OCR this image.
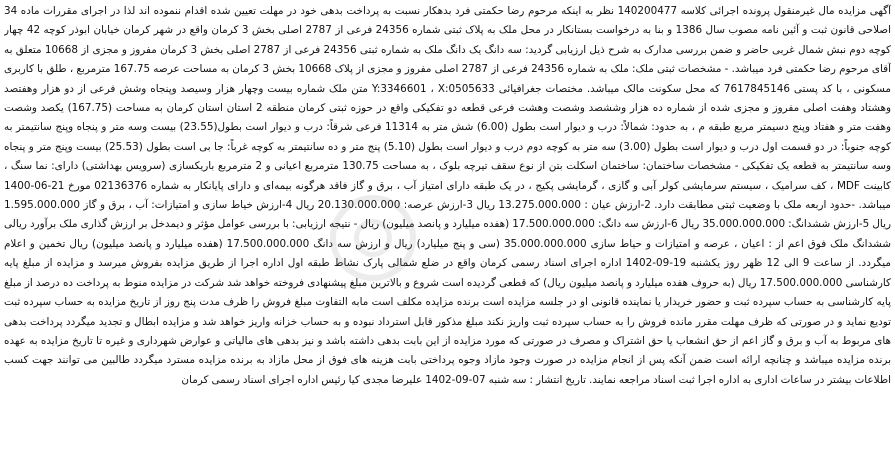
آگهی مزایده مال غیرمنقول پرونده اجرائی کلاسه 140200477 نظر به اینکه مرحوم رضا حکمتی فرد بدهکار نسبت به پرداخت بدهی خود در مهلت تعیین شده اقدام ننموده اند لذا در اجرای مقررات ماده 34 اصلاحی قانون ثبت و آئین نامه مصوب سال 1386 و بنا به درخواست بستانکار در محل ملک به پلاک ثبتی شماره 24356 فرعی از 2787 اصلی بخش 3 کرمان واقع در شهر کرمان خیابان ابوذر کوچه 42 چهار کوچه دوم نبش شمال غربی حاضر و ضمن بررسی مدارک به شرح ذیل ارزیابی گردید: سه دانگ یک دانگ ملک به شماره ثبتی 24356 فرعی از 2787 اصلی بخش 3 کرمان مفروز و مجزی از 10668 متعلق به آقای مرحوم رضا حکمتی فرد میباشد. - مشخصات ثبتی ملک: ملک به شماره 24356 فرعی از 2787 اصلی مفروز و مجزی از پلاک 10668 بخش 3 کرمان به مساحت عرصه 167.75 مترمربع ، طلق با کاربری مسکونی ، با کد پستی 7617845146 که محل سکونت مالک میباشد. مختصات جغرافیائی Y:3346601 ، X:0505633 متن ملک شماره بیست وچهار هزار وسیصد وپنجاه وشش فرعی از دو هزار وهفتصد وهشتاد وهفت اصلی مفروز و مجزی شده از شماره ده هزار وششصد وشصت وهشت فرعی قطعه دو تفکیکی واقع در حوزه ثبتی کرمان منطقه 2 استان استان کرمان به مساحت (167.75) یکصد وشصت وهفت متر و هفتاد وپنج دسیمتر مربع طبقه م ، به حدود: شمالاً: درب و دیوار است بطول (6.00) شش متر به 11314 فرعی شرقاً: درب و دیوار است بطول(23.55) بیست وسه متر و پنجاه وپنج سانتیمتر به کوچه جنوباً: در دو قسمت اول درب و دیوار است بطول (3.00) سه متر به کوچه دوم درب و دیوار است بطول (5.10) پنج متر و ده سانتیمتر به کوچه غرباً: جا بی است بطول (25.53) بیست وپنج متر و پنجاه وسه سانتیمتر به قطعه یک تفکیکی - مشخصات ساختمان: ساختمان اسکلت بتن از نوع سقف تیرچه بلوک ، به مساحت 130.75 مترمربع اعیانی و 2 مترمربع باریکسازی (سرویس بهداشتی) دارای: نما سنگ ، کابینت MDF ، کف سرامیک ، سیستم سرمایشی کولر آبی و گازی ، گرمایشی پکیج ، در یک طبقه دارای امتیاز آب ، برق و گاز فاقد هرگونه بیمه‌ای و دارای پایانکار به شماره 02136376 مورخ 21-06-1400 میباشد. -حدود اربعه ملک با وضعیت ثبتی مطابقت دارد. 2-ارزش عیان : 13.275.000.000 ریال 3-ارزش عرصه: 20.130.000.000 ریال 4-ارزش خیاط سازی و امتیازات: آب ، برق و گاز 1.595.000.000 ریال 5-ارزش ششدانگ: 35.000.000.000 ریال 6-ارزش سه دانگ: 17.500.000.000 (هفده میلیارد و پانصد میلیون) ریال - نتیجه ارزیابی: با بررسی عوامل مؤثر و دیمدخل بر ارزش گذاری ملک برآورد ریالی ششدانگ ملک فوق اعم از : اعیان ، عرصه و امتیازات و حیاط سازی 35.000.000.000 (سی و پنج میلیارد) ریال و ارزش سه دانگ 17.500.000.000 (هفده میلیارد و پانصد میلیون) ریال تخمین و اعلام میگردد. از ساعت 9 الی 12 ظهر روز یکشنبه 19-09-1402 اداره اجرای اسناد رسمی کرمان واقع در ضلع شمالی پارک نشاط طبقه اول اداره اجرا از طریق مزایده بفروش میرسد و مزایده از مبلغ پایه کارشناسی 17.500.000.000 ریال (به حروف هفده میلیارد و پانصد میلیون ریال) که قطعی گردیده است شروع و بالاترین مبلغ پیشنهادی فروخته خواهد شد شرکت در مزایده منوط به پرداخت ده درصد از مبلغ پایه کارشناسی به حساب سپرده ثبت و حضور خریدار یا نماینده قانونی او در جلسه مزایده است برنده مزایده مکلف است مابه التفاوت مبلغ فروش را ظرف مدت پنج روز از تاریخ مزایده به حساب سپرده ثبت تودیع نماید و در صورتی که ظرف مهلت مقرر مانده فروش را به حساب سپرده ثبت واریز نکند مبلغ مذکور قابل استرداد نبوده و به حساب خزانه واریز خواهد شد و مزایده ابطال و تجدید میگردد پرداخت بدهی های مربوط به آب و برق و گاز اعم از حق انشعاب یا حق اشتراک و مصرف در صورتی که مورد مزایده از این بابت بدهی داشته باشد و نیز بدهی های مالیاتی و عوارض شهرداری و غیره تا تاریخ مزایده به عهده برنده مزایده میباشد و چنانچه ارائه است ضمن آنکه پس از انجام مزایده در صورت وجود مازاد وجوه پرداختی بابت هزینه های فوق از محل مازاد به برنده مزایده مسترد میگردد طالبین می توانند جهت کسب اطلاعات بیشتر در ساعات اداری به اداره اجرا ثبت اسناد مراجعه نمایند. تاریخ انتشار : سه شنبه 07-09-1402 علیرضا مجدی کیا رئیس اداره اجرای اسناد رسمی کرمان
